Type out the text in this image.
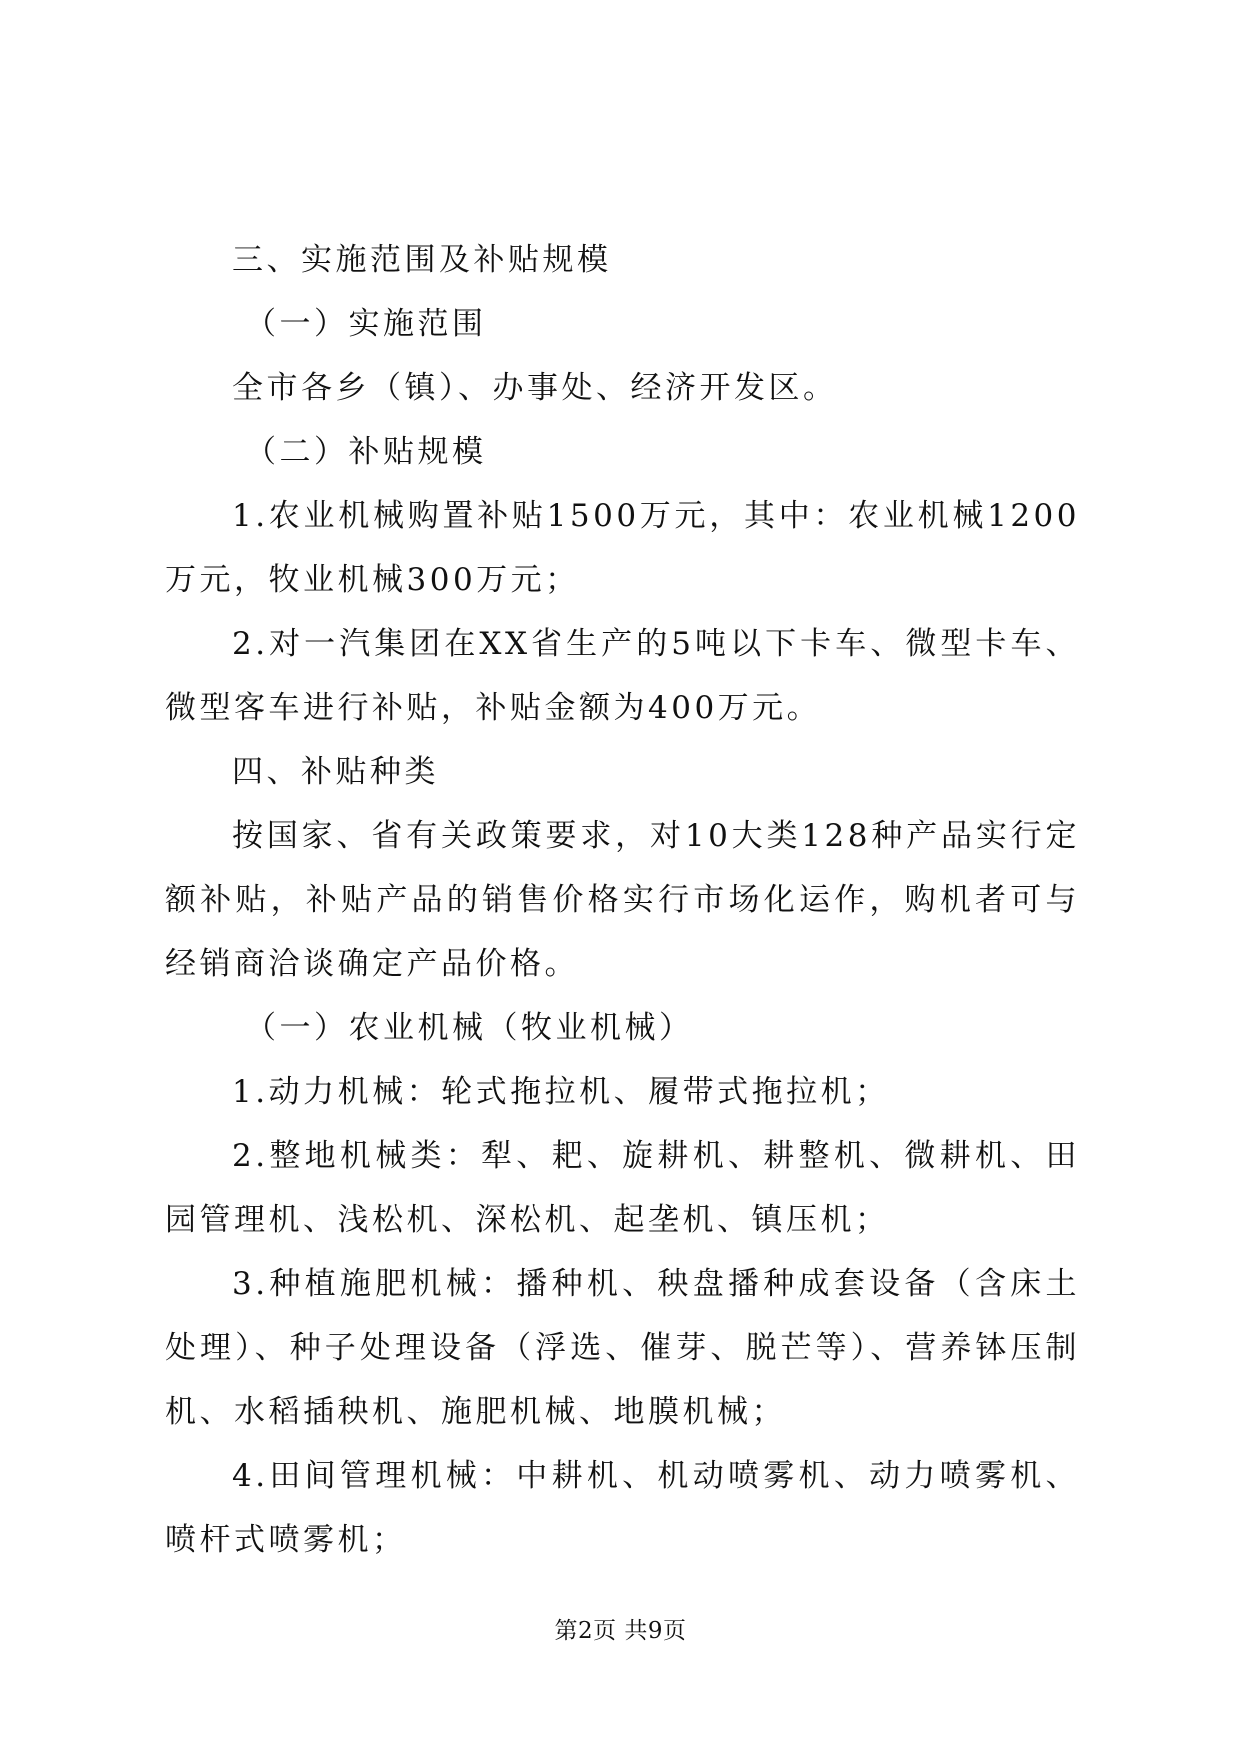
三、实施范围及补贴规模

（一）实施范围

全市各乡（镇）、办事处、经济开发区。

（二）补贴规模

1.农业机械购置补贴1500万元，其中：农业机械1200万元，牧业机械300万元；

2.对一汽集团在XX省生产的5吨以下卡车、微型卡车、微型客车进行补贴，补贴金额为400万元。

四、补贴种类

按国家、省有关政策要求，对10大类128种产品实行定额补贴，补贴产品的销售价格实行市场化运作，购机者可与经销商洽谈确定产品价格。

（一）农业机械（牧业机械）

1.动力机械：轮式拖拉机、履带式拖拉机；

2.整地机械类：犁、耙、旋耕机、耕整机、微耕机、田园管理机、浅松机、深松机、起垄机、镇压机；

3.种植施肥机械：播种机、秧盘播种成套设备（含床土处理）、种子处理设备（浮选、催芽、脱芒等）、营养钵压制机、水稻插秧机、施肥机械、地膜机械；

4.田间管理机械：中耕机、机动喷雾机、动力喷雾机、喷杆式喷雾机；

第2页 共9页
